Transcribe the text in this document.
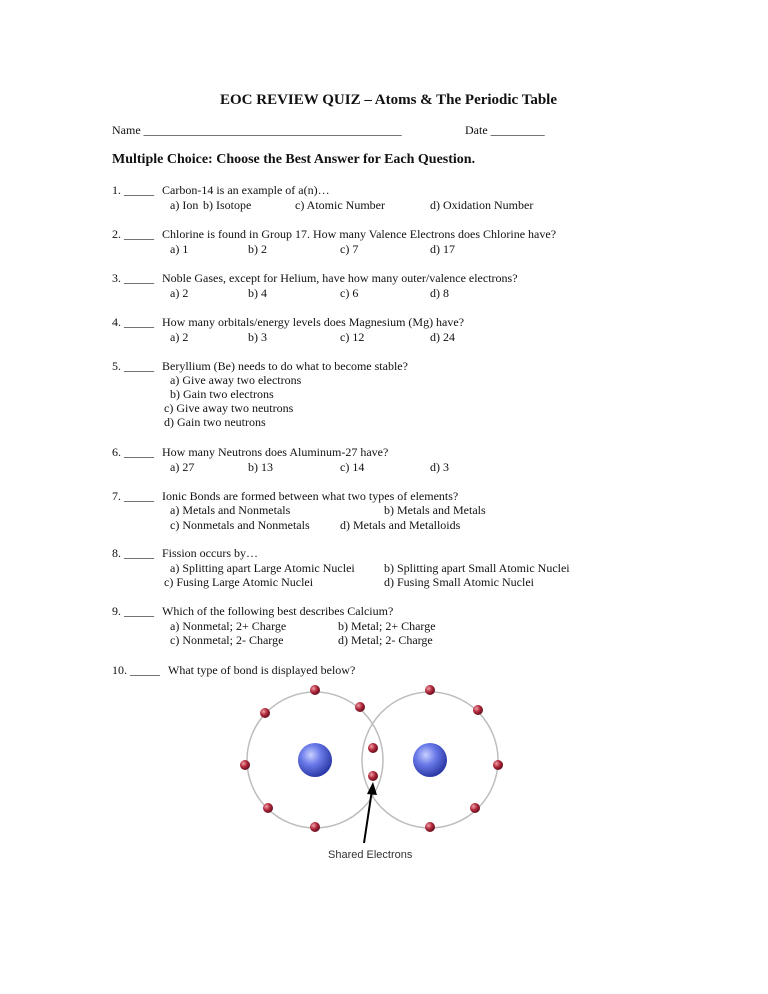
EOC REVIEW QUIZ – Atoms & The Periodic Table
Name ___________________________________________	Date _________
Multiple Choice: Choose the Best Answer for Each Question.
1. _____ Carbon-14 is an example of a(n)…
a) Ion b) Isotope	c) Atomic Number	d) Oxidation Number
2. _____ Chlorine is found in Group 17. How many Valence Electrons does Chlorine have?
a) 1	b) 2	c) 7	d) 17
3. _____ Noble Gases, except for Helium, have how many outer/valence electrons?
a) 2	b) 4	c) 6	d) 8
4. _____ How many orbitals/energy levels does Magnesium (Mg) have?
a) 2	b) 3	c) 12	d) 24
5. _____ Beryllium (Be) needs to do what to become stable?
a) Give away two electrons
b) Gain two electrons
c) Give away two neutrons
d) Gain two neutrons
6. _____ How many Neutrons does Aluminum-27 have?
a) 27	b) 13	c) 14	d) 3
7. _____ Ionic Bonds are formed between what two types of elements?
a) Metals and Nonmetals	b) Metals and Metals
c) Nonmetals and Nonmetals	d) Metals and Metalloids
8. _____ Fission occurs by…
a) Splitting apart Large Atomic Nuclei b) Splitting apart Small Atomic Nuclei
c) Fusing Large Atomic Nuclei	d) Fusing Small Atomic Nuclei
9. _____ Which of the following best describes Calcium?
a) Nonmetal; 2+ Charge	b) Metal; 2+ Charge
c) Nonmetal; 2- Charge	d) Metal; 2- Charge
10. _____ What type of bond is displayed below?
Shared Electrons
